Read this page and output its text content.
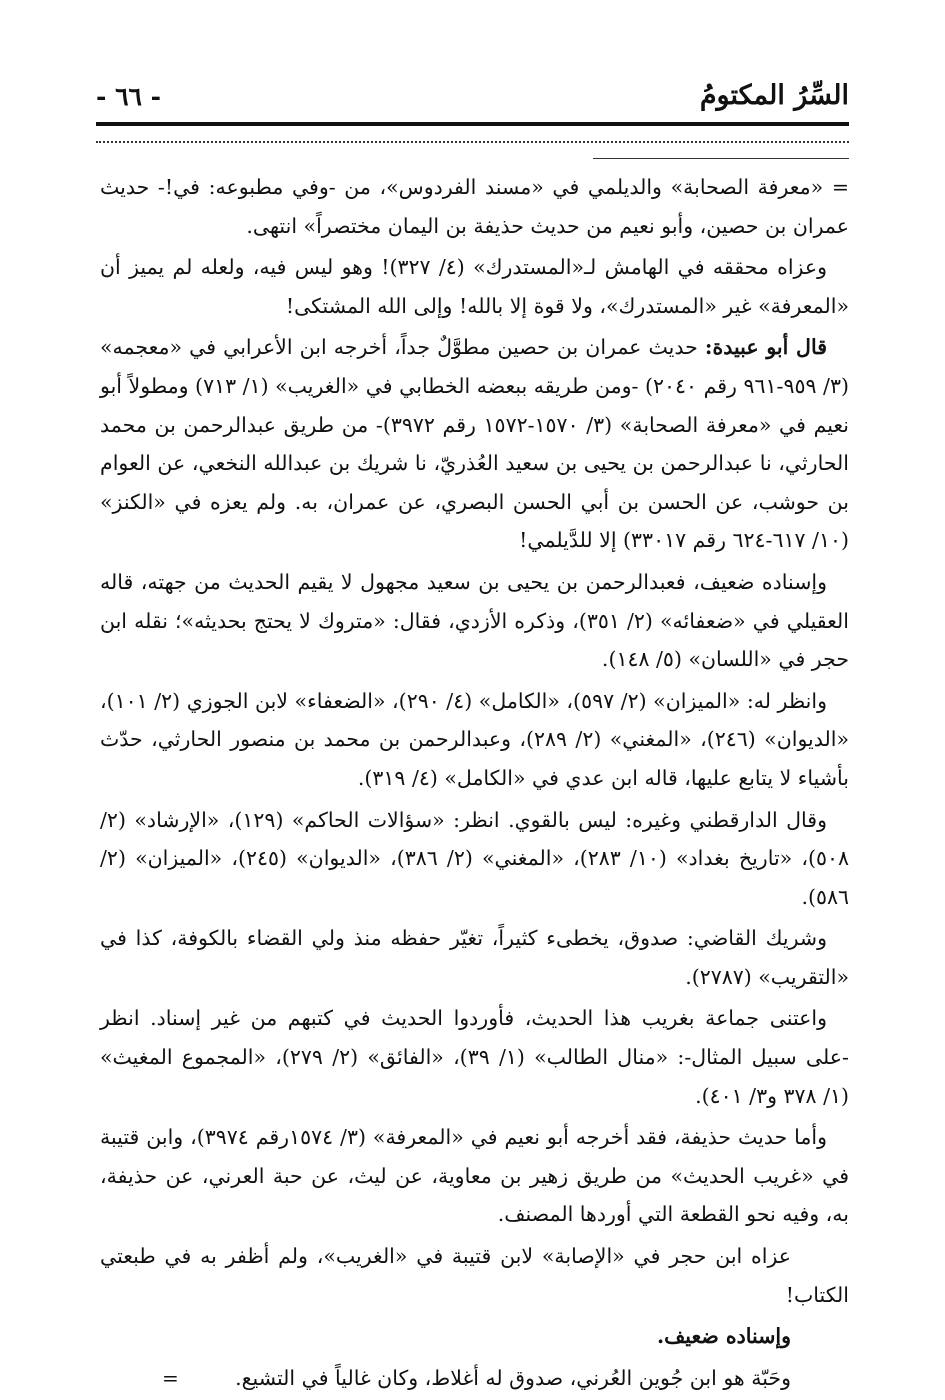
السِّرُ المكتومُ
- ٦٦ -

= «معرفة الصحابة» والديلمي في «مسند الفردوس»، من -وفي مطبوعه: في!- حديث عمران بن حصين، وأبو نعيم من حديث حذيفة بن اليمان مختصراً» انتهى.

وعزاه محققه في الهامش لـ«المستدرك» (٤/ ٣٢٧)! وهو ليس فيه، ولعله لم يميز أن «المعرفة» غير «المستدرك»، ولا قوة إلا بالله! وإلى الله المشتكى!

قال أبو عبيدة: حديث عمران بن حصين مطوَّلٌ جداً، أخرجه ابن الأعرابي في «معجمه» (٣/ ٩٥٩-٩٦١ رقم ٢٠٤٠) -ومن طريقه ببعضه الخطابي في «الغريب» (١/ ٧١٣) ومطولاً أبو نعيم في «معرفة الصحابة» (٣/ ١٥٧٠-١٥٧٢ رقم ٣٩٧٢)- من طريق عبدالرحمن بن محمد الحارثي، نا عبدالرحمن بن يحيى بن سعيد العُذريّ، نا شريك بن عبدالله النخعي، عن العوام بن حوشب، عن الحسن بن أبي الحسن البصري، عن عمران، به. ولم يعزه في «الكنز» (١٠/ ٦١٧-٦٢٤ رقم ٣٣٠١٧) إلا للدَّيلمي!

وإسناده ضعيف، فعبدالرحمن بن يحيى بن سعيد مجهول لا يقيم الحديث من جهته، قاله العقيلي في «ضعفائه» (٢/ ٣٥١)، وذكره الأزدي، فقال: «متروك لا يحتج بحديثه»؛ نقله ابن حجر في «اللسان» (٥/ ١٤٨).

وانظر له: «الميزان» (٢/ ٥٩٧)، «الكامل» (٤/ ٢٩٠)، «الضعفاء» لابن الجوزي (٢/ ١٠١)، «الديوان» (٢٤٦)، «المغني» (٢/ ٢٨٩)، وعبدالرحمن بن محمد بن منصور الحارثي، حدّث بأشياء لا يتابع عليها، قاله ابن عدي في «الكامل» (٤/ ٣١٩).

وقال الدارقطني وغيره: ليس بالقوي. انظر: «سؤالات الحاكم» (١٢٩)، «الإرشاد» (٢/ ٥٠٨)، «تاريخ بغداد» (١٠/ ٢٨٣)، «المغني» (٢/ ٣٨٦)، «الديوان» (٢٤٥)، «الميزان» (٢/ ٥٨٦).

وشريك القاضي: صدوق، يخطىء كثيراً، تغيّر حفظه منذ ولي القضاء بالكوفة، كذا في «التقريب» (٢٧٨٧).

واعتنى جماعة بغريب هذا الحديث، فأوردوا الحديث في كتبهم من غير إسناد. انظر -على سبيل المثال-: «منال الطالب» (١/ ٣٩)، «الفائق» (٢/ ٢٧٩)، «المجموع المغيث» (١/ ٣٧٨ و٣/ ٤٠١).

وأما حديث حذيفة، فقد أخرجه أبو نعيم في «المعرفة» (٣/ ١٥٧٤رقم ٣٩٧٤)، وابن قتيبة في «غريب الحديث» من طريق زهير بن معاوية، عن ليث، عن حبة العرني، عن حذيفة، به، وفيه نحو القطعة التي أوردها المصنف.

عزاه ابن حجر في «الإصابة» لابن قتيبة في «الغريب»، ولم أظفر به في طبعتي الكتاب!

وإسناده ضعيف.

وحَبّة هو ابن جُوين العُرني، صدوق له أغلاط، وكان غالياً في التشيع.
=
